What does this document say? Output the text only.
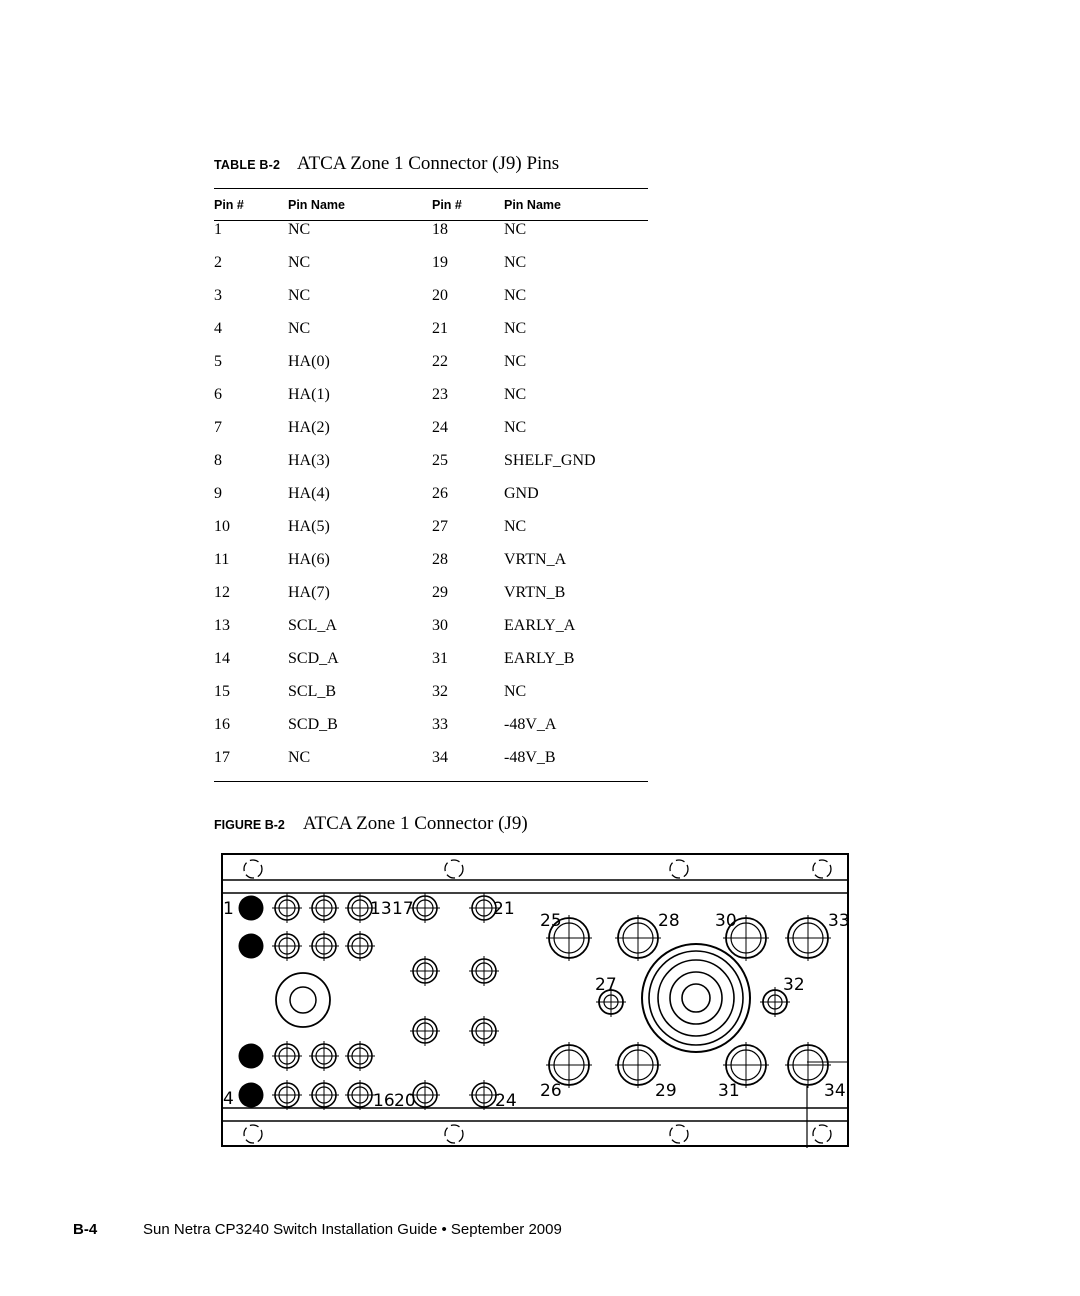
TABLE B-2 ATCA Zone 1 Connector (J9) Pins
Pin #	Pin Name	Pin #	Pin Name
1	NC	18	NC
2	NC	19	NC
3	NC	20	NC
4	NC	21	NC
5	HA(0)	22	NC
6	HA(1)	23	NC
7	HA(2)	24	NC
8	HA(3)	25	SHELF_GND
9	HA(4)	26	GND
10	HA(5)	27	NC
11	HA(6)	28	VRTN_A
12	HA(7)	29	VRTN_B
13	SCL_A	30	EARLY_A
14	SCD_A	31	EARLY_B
15	SCL_B	32	NC
16	SCD_B	33	-48V_A
17	NC	34	-48V_B
FIGURE B-2 ATCA Zone 1 Connector (J9)
1	13 17	21
25	28 30	33
27	32
4	16 20	24 26	29 31	34
B-4	Sun Netra CP3240 Switch Installation Guide • September 2009
